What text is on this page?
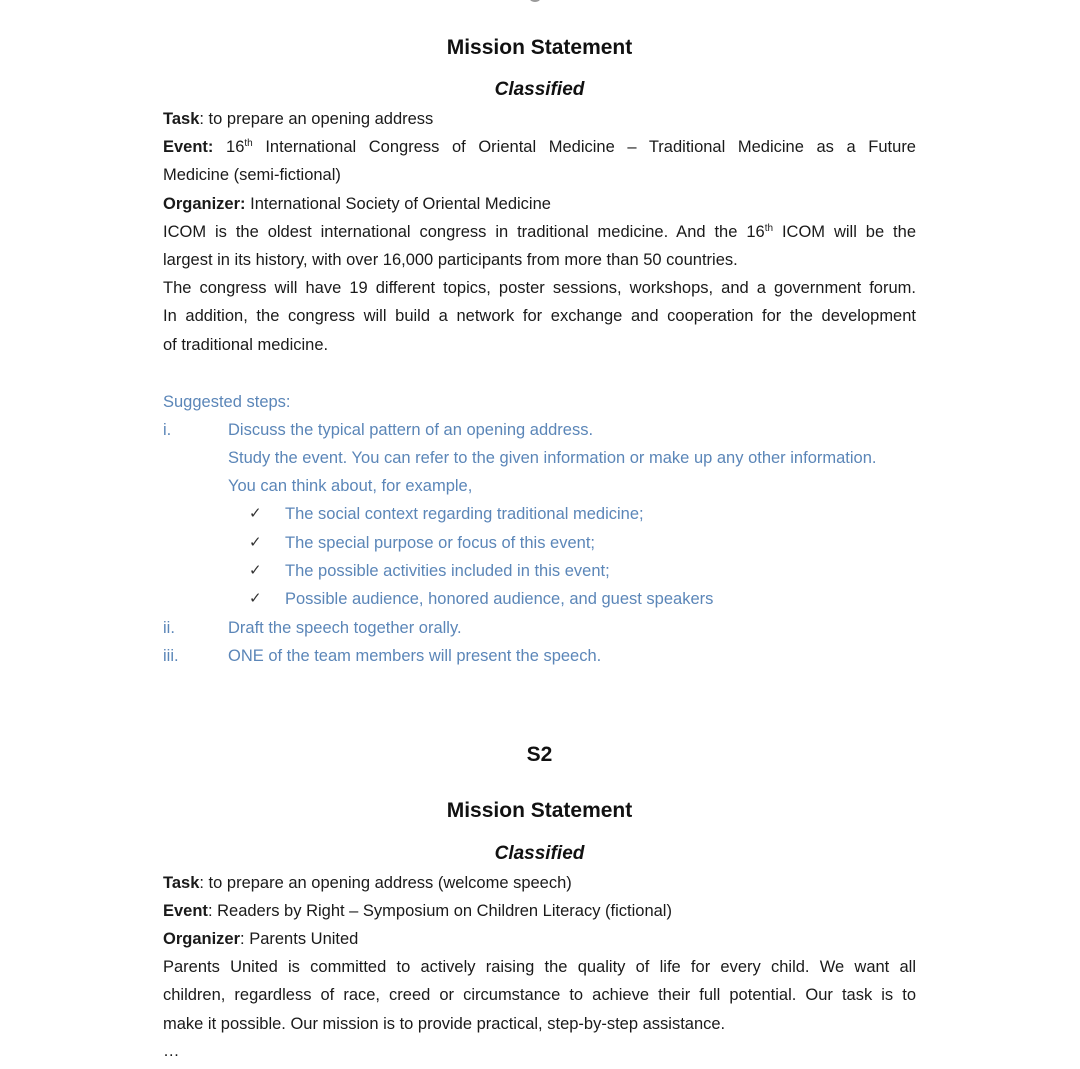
Mission Statement
Classified
Task: to prepare an opening address
Event: 16th International Congress of Oriental Medicine – Traditional Medicine as a Future
Medicine (semi-fictional)
Organizer: International Society of Oriental Medicine
ICOM is the oldest international congress in traditional medicine. And the 16th ICOM will be the
largest in its history, with over 16,000 participants from more than 50 countries.
The congress will have 19 different topics, poster sessions, workshops, and a government forum.
In addition, the congress will build a network for exchange and cooperation for the development
of traditional medicine.
Suggested steps:
i.	Discuss the typical pattern of an opening address.
Study the event. You can refer to the given information or make up any other information.
You can think about, for example,
✓ The social context regarding traditional medicine;
✓ The special purpose or focus of this event;
✓ The possible activities included in this event;
✓ Possible audience, honored audience, and guest speakers
ii.	Draft the speech together orally.
iii.	ONE of the team members will present the speech.
S2
Mission Statement
Classified
Task: to prepare an opening address (welcome speech)
Event: Readers by Right – Symposium on Children Literacy (fictional)
Organizer: Parents United
Parents United is committed to actively raising the quality of life for every child. We want all
children, regardless of race, creed or circumstance to achieve their full potential. Our task is to
make it possible. Our mission is to provide practical, step-by-step assistance.
…
